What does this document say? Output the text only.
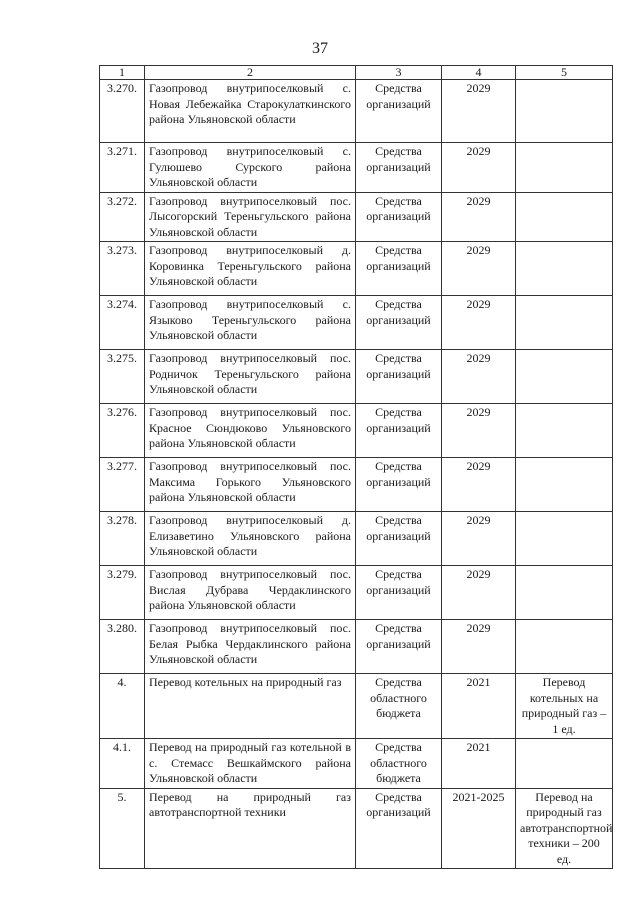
37
1	2	3	4	5
3.270.	Газопровод внутрипоселковый с. Новая Лебежайка Старокулаткинского района Ульяновской области	Средства организаций	2029	
3.271.	Газопровод внутрипоселковый с. Гулюшево Сурского района Ульяновской области	Средства организаций	2029	
3.272.	Газопровод внутрипоселковый пос. Лысогорский Тереньгульского района Ульяновской области	Средства организаций	2029	
3.273.	Газопровод внутрипоселковый д. Коровинка Тереньгульского района Ульяновской области	Средства организаций	2029	
3.274.	Газопровод внутрипоселковый с. Языково Тереньгульского района Ульяновской области	Средства организаций	2029	
3.275.	Газопровод внутрипоселковый пос. Родничок Тереньгульского района Ульяновской области	Средства организаций	2029	
3.276.	Газопровод внутрипоселковый пос. Красное Сюндюково Ульяновского района Ульяновской области	Средства организаций	2029	
3.277.	Газопровод внутрипоселковый пос. Максима Горького Ульяновского района Ульяновской области	Средства организаций	2029	
3.278.	Газопровод внутрипоселковый д. Елизаветино Ульяновского района Ульяновской области	Средства организаций	2029	
3.279.	Газопровод внутрипоселковый пос. Вислая Дубрава Чердаклинского района Ульяновской области	Средства организаций	2029	
3.280.	Газопровод внутрипоселковый пос. Белая Рыбка Чердаклинского района Ульяновской области	Средства организаций	2029	
4.	Перевод котельных на природный газ	Средства областного бюджета	2021	Перевод котельных на природный газ – 1 ед.
4.1.	Перевод на природный газ котельной в с. Стемасс Вешкаймского района Ульяновской области	Средства областного бюджета	2021	
5.	Перевод на природный газ автотранспортной техники	Средства организаций	2021-2025	Перевод на природный газ автотранспортной техники – 200 ед.
